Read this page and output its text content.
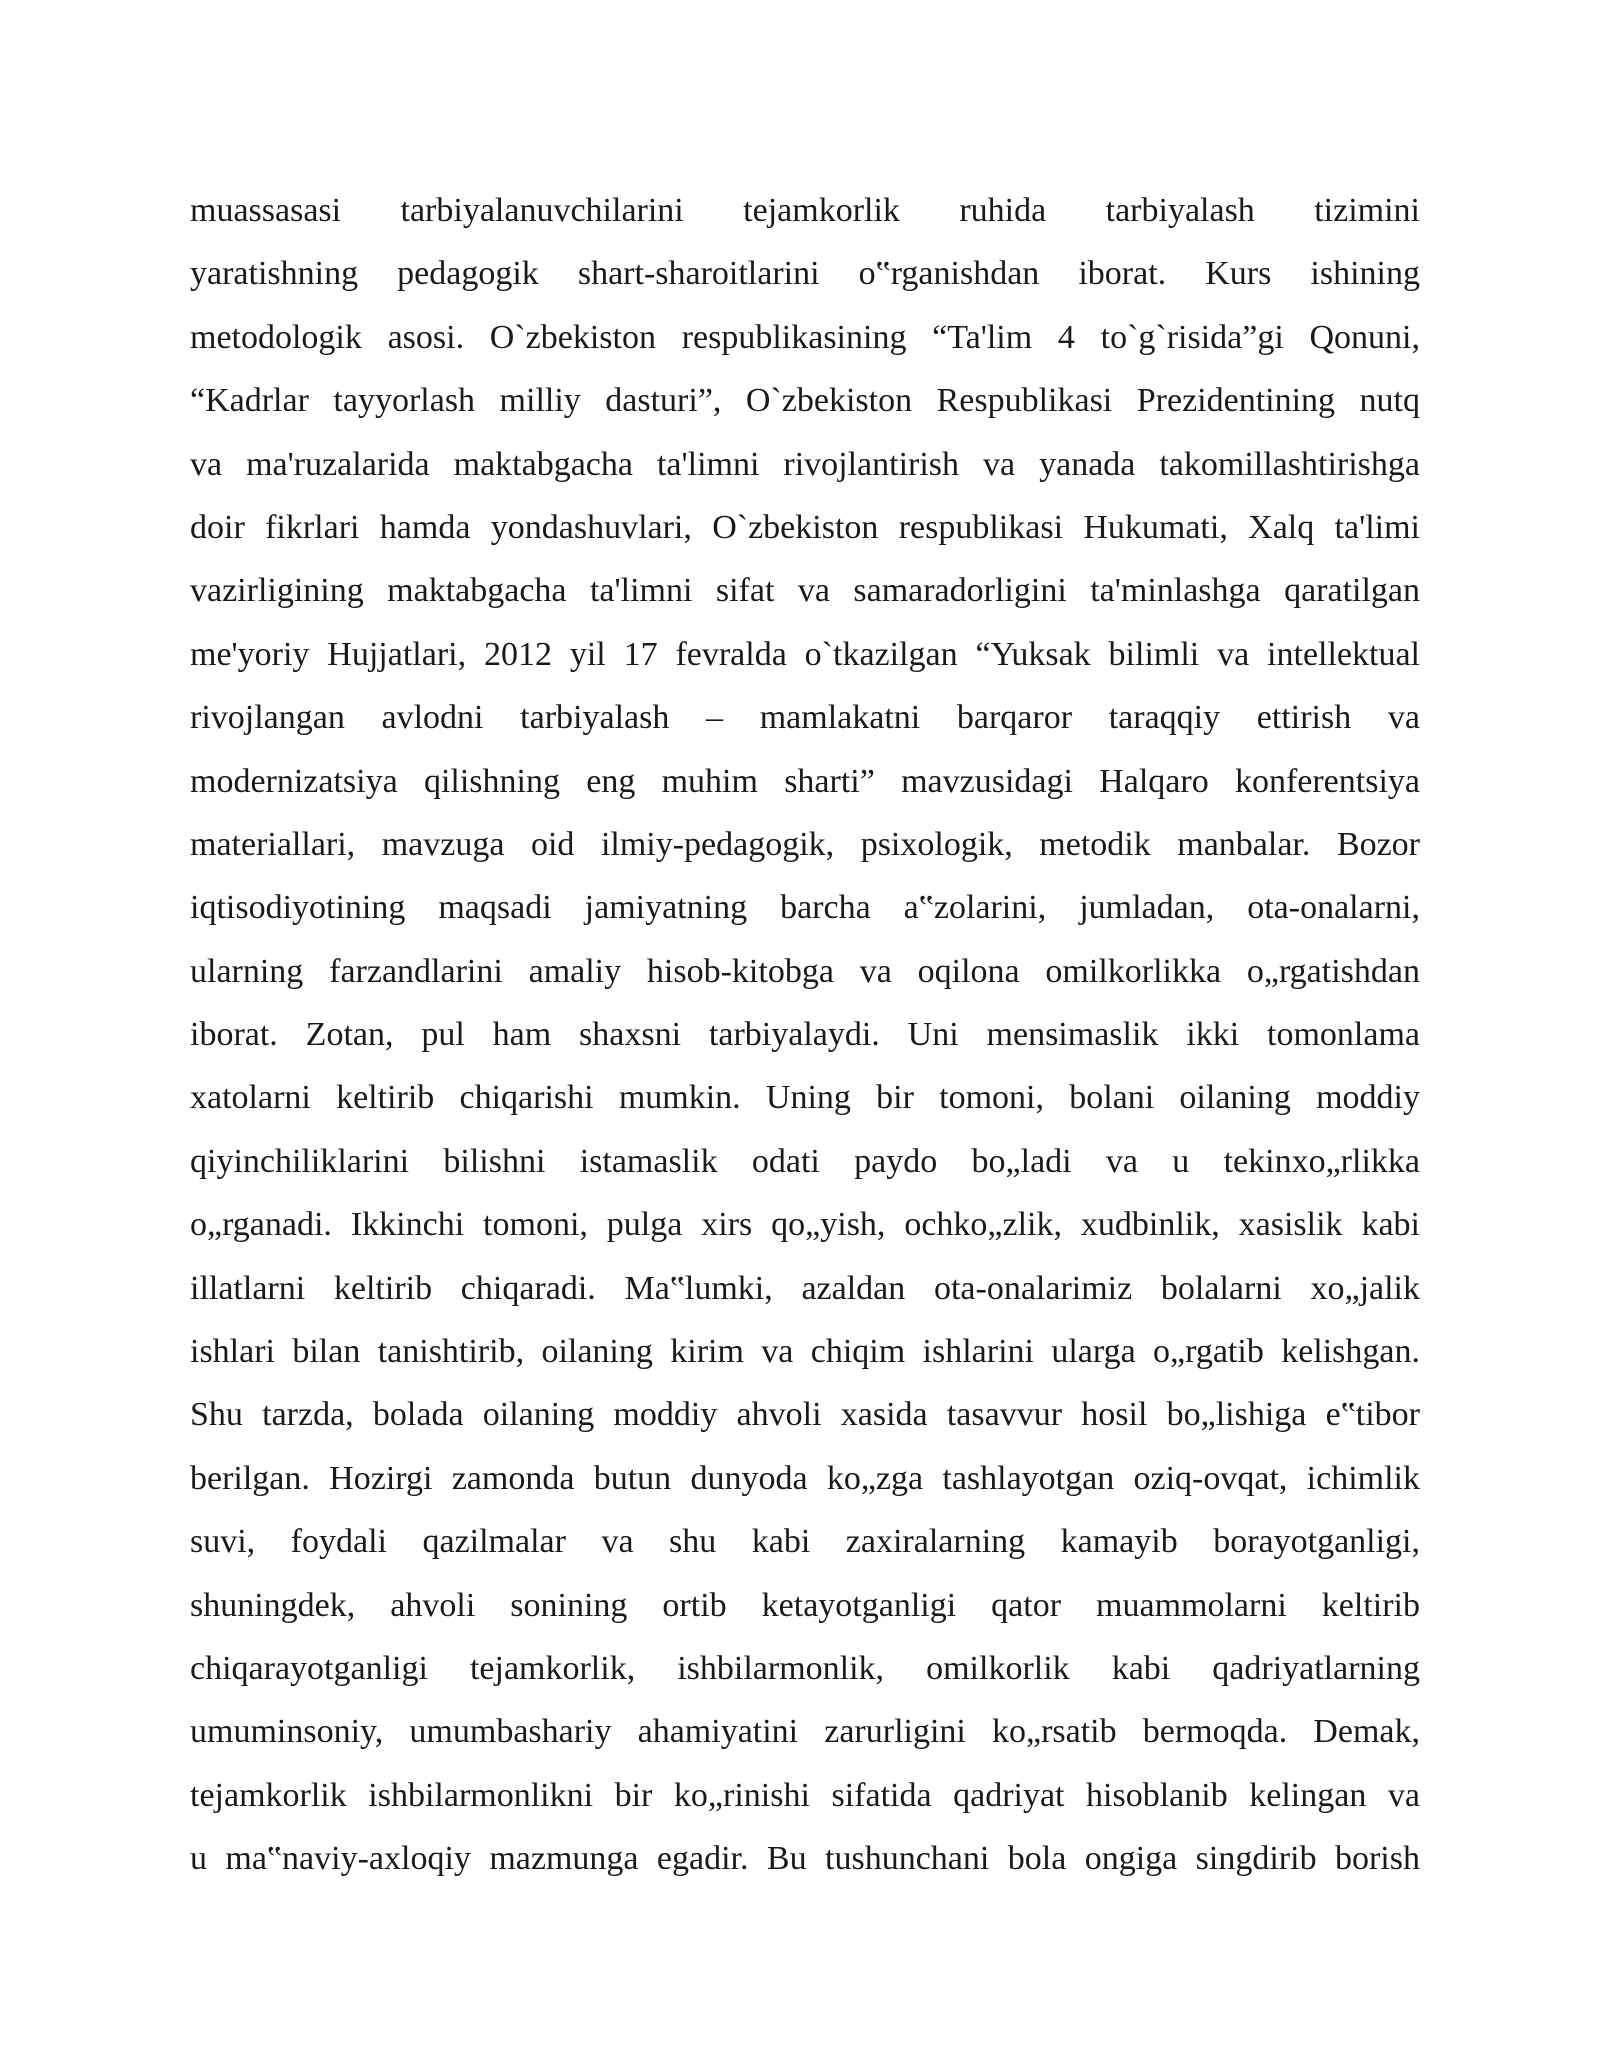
muassasasi tarbiyalanuvchilarini tejamkorlik ruhida tarbiyalash tizimini
yaratishning pedagogik shart-sharoitlarini o‟rganishdan iborat. Kurs ishining
metodologik asosi. O`zbekiston respublikasining “Ta'lim 4 to`g`risida”gi Qonuni,
“Kadrlar tayyorlash milliy dasturi”, O`zbekiston Respublikasi Prezidentining nutq
va ma'ruzalarida maktabgacha ta'limni rivojlantirish va yanada takomillashtirishga
doir fikrlari hamda yondashuvlari, O`zbekiston respublikasi Hukumati, Xalq ta'limi
vazirligining maktabgacha ta'limni sifat va samaradorligini ta'minlashga qaratilgan
me'yoriy Hujjatlari, 2012 yil 17 fevralda o`tkazilgan “Yuksak bilimli va intellektual
rivojlangan avlodni tarbiyalash – mamlakatni barqaror taraqqiy ettirish va
modernizatsiya qilishning eng muhim sharti” mavzusidagi Halqaro konferentsiya
materiallari, mavzuga oid ilmiy-pedagogik, psixologik, metodik manbalar. Bozor
iqtisodiyotining maqsadi jamiyatning barcha a‟zolarini, jumladan, ota-onalarni,
ularning farzandlarini amaliy hisob-kitobga va oqilona omilkorlikka o„rgatishdan
iborat. Zotan, pul ham shaxsni tarbiyalaydi. Uni mensimaslik ikki tomonlama
xatolarni keltirib chiqarishi mumkin. Uning bir tomoni, bolani oilaning moddiy
qiyinchiliklarini bilishni istamaslik odati paydo bo„ladi va u tekinxo„rlikka
o„rganadi. Ikkinchi tomoni, pulga xirs qo„yish, ochko„zlik, xudbinlik, xasislik kabi
illatlarni keltirib chiqaradi. Ma‟lumki, azaldan ota-onalarimiz bolalarni xo„jalik
ishlari bilan tanishtirib, oilaning kirim va chiqim ishlarini ularga o„rgatib kelishgan.
Shu tarzda, bolada oilaning moddiy ahvoli xasida tasavvur hosil bo„lishiga e‟tibor
berilgan. Hozirgi zamonda butun dunyoda ko„zga tashlayotgan oziq-ovqat, ichimlik
suvi, foydali qazilmalar va shu kabi zaxiralarning kamayib borayotganligi,
shuningdek, ahvoli sonining ortib ketayotganligi qator muammolarni keltirib
chiqarayotganligi tejamkorlik, ishbilarmonlik, omilkorlik kabi qadriyatlarning
umuminsoniy, umumbashariy ahamiyatini zarurligini ko„rsatib bermoqda. Demak,
tejamkorlik ishbilarmonlikni bir ko„rinishi sifatida qadriyat hisoblanib kelingan va
u ma‟naviy-axloqiy mazmunga egadir. Bu tushunchani bola ongiga singdirib borish
